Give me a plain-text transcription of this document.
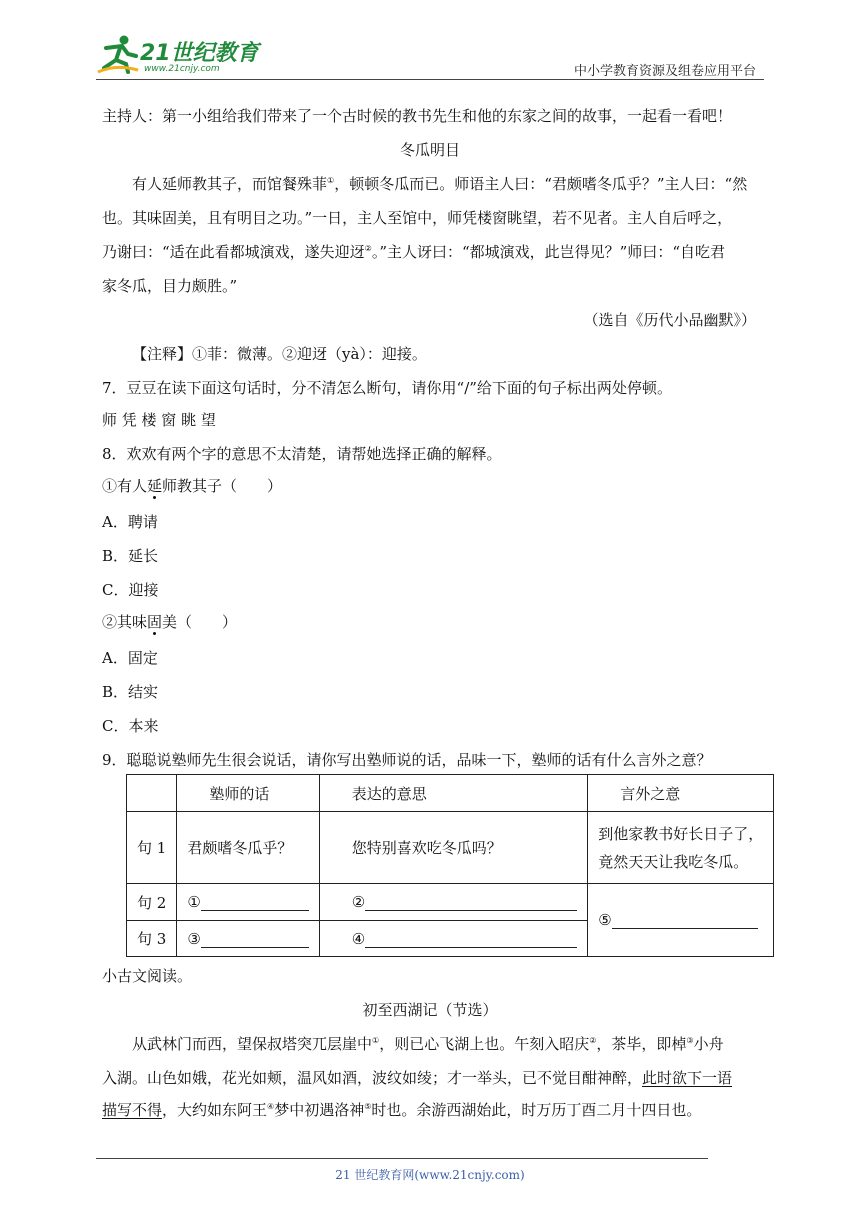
21世纪教育
www.21cnjy.com	中小学教育资源及组卷应用平台
主持人：第一小组给我们带来了一个古时候的教书先生和他的东家之间的故事，一起看一看吧！
冬瓜明目
有人延师教其子，而馆餐殊菲①，顿顿冬瓜而已。师语主人曰：“君颇嗜冬瓜乎？”主人曰：“然
也。其味固美，且有明目之功。”一日，主人至馆中，师凭楼窗眺望，若不见者。主人自后呼之，
乃谢曰：“适在此看都城演戏，遂失迎迓②。”主人讶曰：“都城演戏，此岂得见？”师曰：“自吃君
家冬瓜，目力颇胜。”
（选自《历代小品幽默》）
【注释】①菲：微薄。②迎迓（yà）：迎接。
7．豆豆在读下面这句话时，分不清怎么断句，请你用“/”给下面的句子标出两处停顿。
师 凭 楼 窗 眺 望
8．欢欢有两个字的意思不太清楚，请帮她选择正确的解释。
①有人延师教其子（　　）
A．聘请
B．延长
C．迎接
②其味固美（　　）
A．固定
B．结实
C．本来
9．聪聪说塾师先生很会说话，请你写出塾师说的话，品味一下，塾师的话有什么言外之意？
	塾师的话	表达的意思	言外之意
句 1	君颇嗜冬瓜乎？	您特别喜欢吃冬瓜吗？	到他家教书好长日子了，
竟然天天让我吃冬瓜。

句 2	①	②	⑤
句 3	③	④	
小古文阅读。
初至西湖记（节选）
从武林门而西，望保叔塔突兀层崖中①，则已心飞湖上也。午刻入昭庆②，茶毕，即棹③小舟
入湖。山色如娥，花光如颊，温风如酒，波纹如绫；才一举头，已不觉目酣神醉，此时欲下一语
描写不得，大约如东阿王④梦中初遇洛神⑤时也。余游西湖始此，时万历丁酉二月十四日也。
21 世纪教育网(www.21cnjy.com)
